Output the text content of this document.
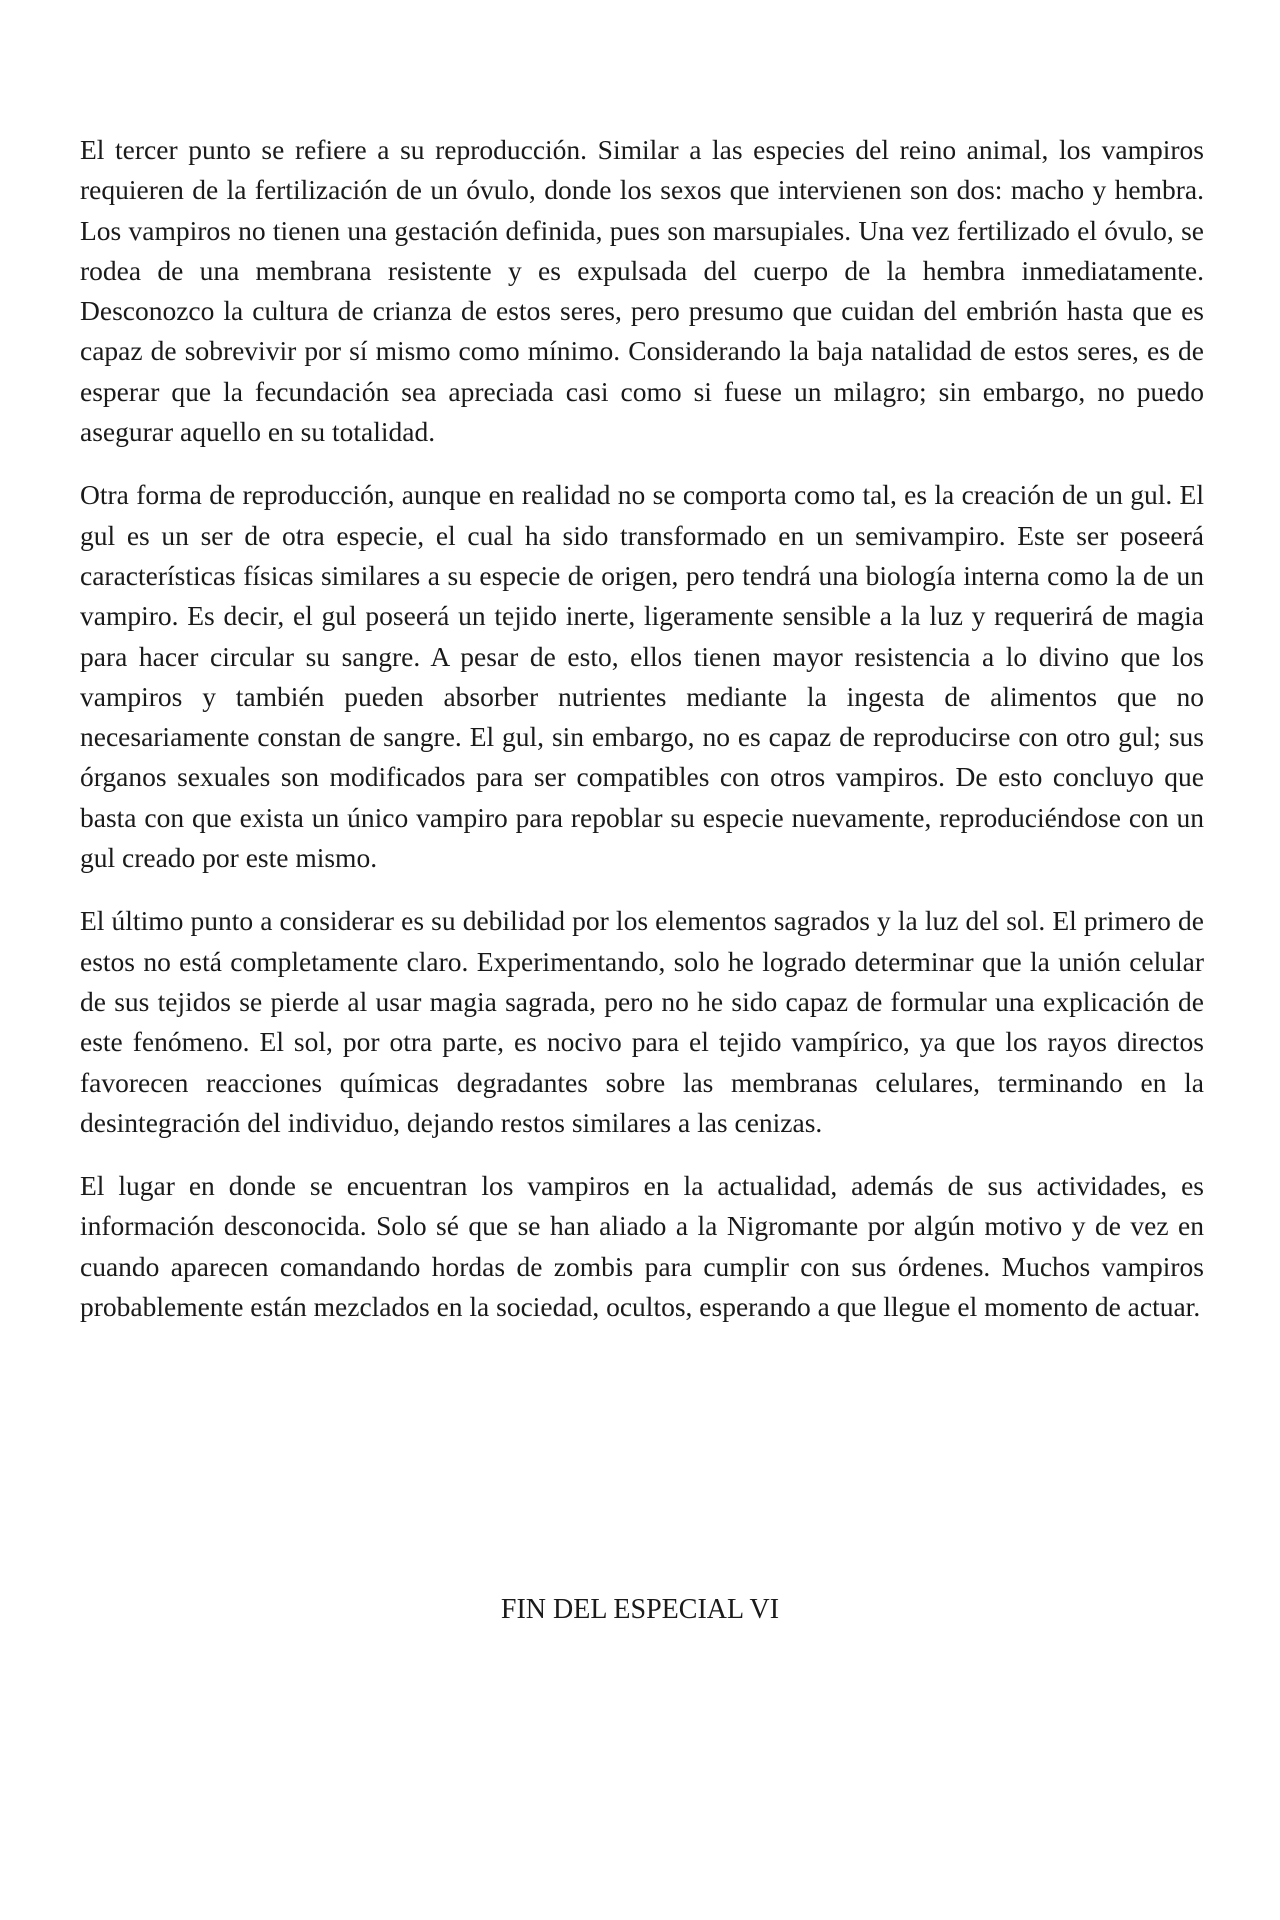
El tercer punto se refiere a su reproducción. Similar a las especies del reino animal, los vampiros requieren de la fertilización de un óvulo, donde los sexos que intervienen son dos: macho y hembra. Los vampiros no tienen una gestación definida, pues son marsupiales. Una vez fertilizado el óvulo, se rodea de una membrana resistente y es expulsada del cuerpo de la hembra inmediatamente. Desconozco la cultura de crianza de estos seres, pero presumo que cuidan del embrión hasta que es capaz de sobrevivir por sí mismo como mínimo. Considerando la baja natalidad de estos seres, es de esperar que la fecundación sea apreciada casi como si fuese un milagro; sin embargo, no puedo asegurar aquello en su totalidad.

Otra forma de reproducción, aunque en realidad no se comporta como tal, es la creación de un gul. El gul es un ser de otra especie, el cual ha sido transformado en un semivampiro. Este ser poseerá características físicas similares a su especie de origen, pero tendrá una biología interna como la de un vampiro. Es decir, el gul poseerá un tejido inerte, ligeramente sensible a la luz y requerirá de magia para hacer circular su sangre. A pesar de esto, ellos tienen mayor resistencia a lo divino que los vampiros y también pueden absorber nutrientes mediante la ingesta de alimentos que no necesariamente constan de sangre. El gul, sin embargo, no es capaz de reproducirse con otro gul; sus órganos sexuales son modificados para ser compatibles con otros vampiros. De esto concluyo que basta con que exista un único vampiro para repoblar su especie nuevamente, reproduciéndose con un gul creado por este mismo.

El último punto a considerar es su debilidad por los elementos sagrados y la luz del sol. El primero de estos no está completamente claro. Experimentando, solo he logrado determinar que la unión celular de sus tejidos se pierde al usar magia sagrada, pero no he sido capaz de formular una explicación de este fenómeno. El sol, por otra parte, es nocivo para el tejido vampírico, ya que los rayos directos favorecen reacciones químicas degradantes sobre las membranas celulares, terminando en la desintegración del individuo, dejando restos similares a las cenizas.

El lugar en donde se encuentran los vampiros en la actualidad, además de sus actividades, es información desconocida. Solo sé que se han aliado a la Nigromante por algún motivo y de vez en cuando aparecen comandando hordas de zombis para cumplir con sus órdenes. Muchos vampiros probablemente están mezclados en la sociedad, ocultos, esperando a que llegue el momento de actuar.

FIN DEL ESPECIAL VI
